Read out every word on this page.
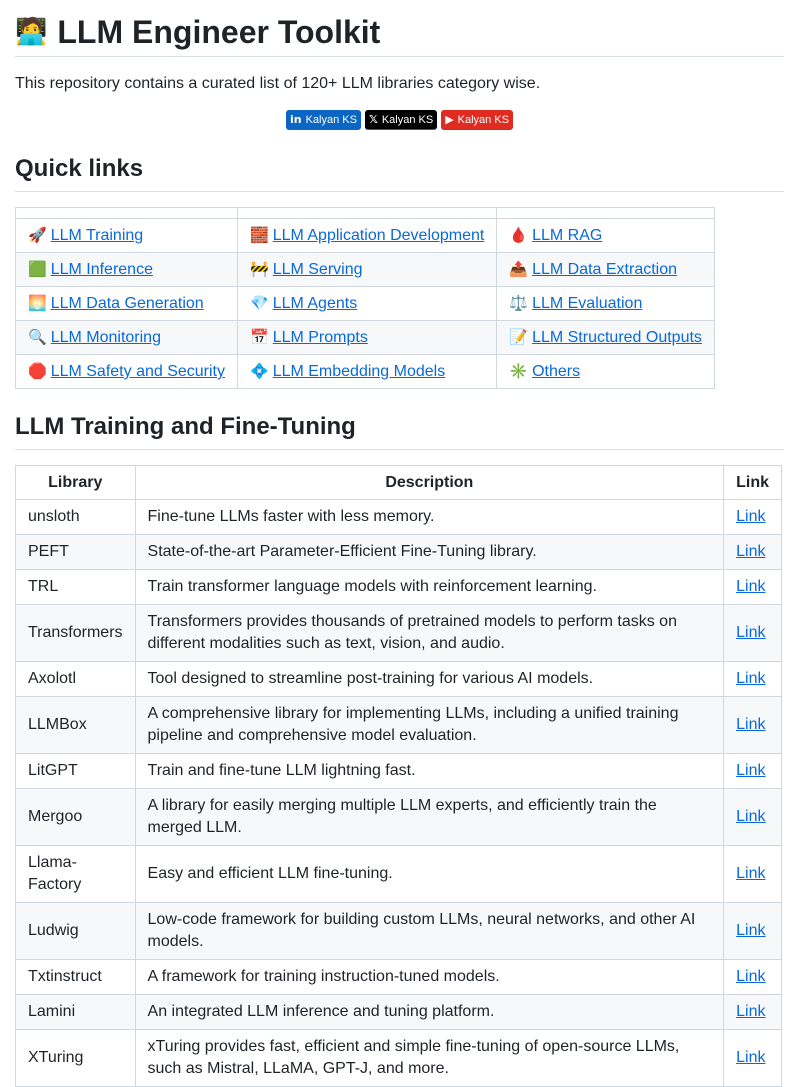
🧑‍💻 LLM Engineer Toolkit

This repository contains a curated list of 120+ LLM libraries category wise.

in Kalyan KS 𝕏 Kalyan KS ▶ Kalyan KS
Quick links

🚀 LLM Training	🧱 LLM Application Development	🩸 LLM RAG
🟩 LLM Inference	🚧 LLM Serving	📤 LLM Data Extraction
🌅 LLM Data Generation	💎 LLM Agents	⚖️ LLM Evaluation
🔍 LLM Monitoring	📅 LLM Prompts	📝 LLM Structured Outputs
🛑 LLM Safety and Security	💠 LLM Embedding Models	✳️ Others
LLM Training and Fine-Tuning
Library	Description	Link
unsloth	Fine-tune LLMs faster with less memory.	Link
PEFT	State-of-the-art Parameter-Efficient Fine-Tuning library.	Link
TRL	Train transformer language models with reinforcement learning.	Link
Transformers	Transformers provides thousands of pretrained models to perform tasks on different modalities such as text, vision, and audio.	Link
Axolotl	Tool designed to streamline post-training for various AI models.	Link
LLMBox	A comprehensive library for implementing LLMs, including a unified training pipeline and comprehensive model evaluation.	Link
LitGPT	Train and fine-tune LLM lightning fast.	Link
Mergoo	A library for easily merging multiple LLM experts, and efficiently train the merged LLM.	Link
Llama-Factory	Easy and efficient LLM fine-tuning.	Link
Ludwig	Low-code framework for building custom LLMs, neural networks, and other AI models.	Link
Txtinstruct	A framework for training instruction-tuned models.	Link
Lamini	An integrated LLM inference and tuning platform.	Link
XTuring	xTuring provides fast, efficient and simple fine-tuning of open-source LLMs, such as Mistral, LLaMA, GPT-J, and more.	Link
